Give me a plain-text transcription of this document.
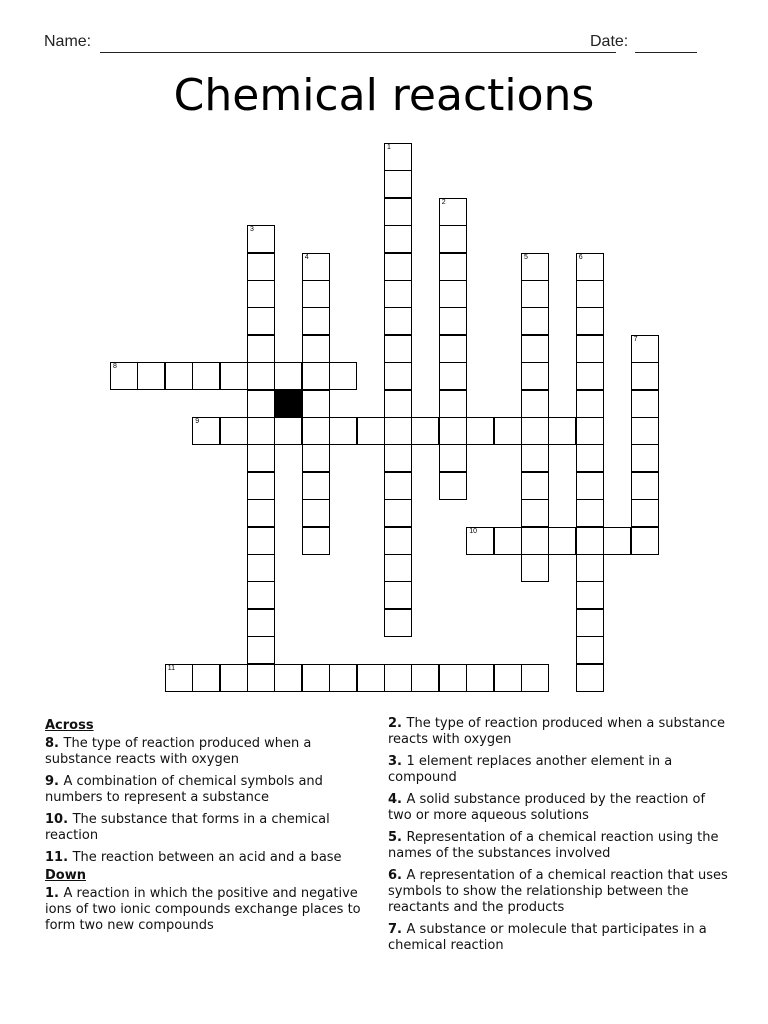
Name:	Date:
Chemical reactions
8
9
10
11
1
2
3
4	5	6
7
Across
8. The type of reaction produced when a substance reacts with oxygen
9. A combination of chemical symbols and numbers to represent a substance
10. The substance that forms in a chemical reaction
11. The reaction between an acid and a base
Down
1. A reaction in which the positive and negative ions of two ionic compounds exchange places to form two new compounds
2. The type of reaction produced when a substance reacts with oxygen
3. 1 element replaces another element in a compound
4. A solid substance produced by the reaction of two or more aqueous solutions
5. Representation of a chemical reaction using the names of the substances involved
6. A representation of a chemical reaction that uses symbols to show the relationship between the reactants and the products
7. A substance or molecule that participates in a chemical reaction
